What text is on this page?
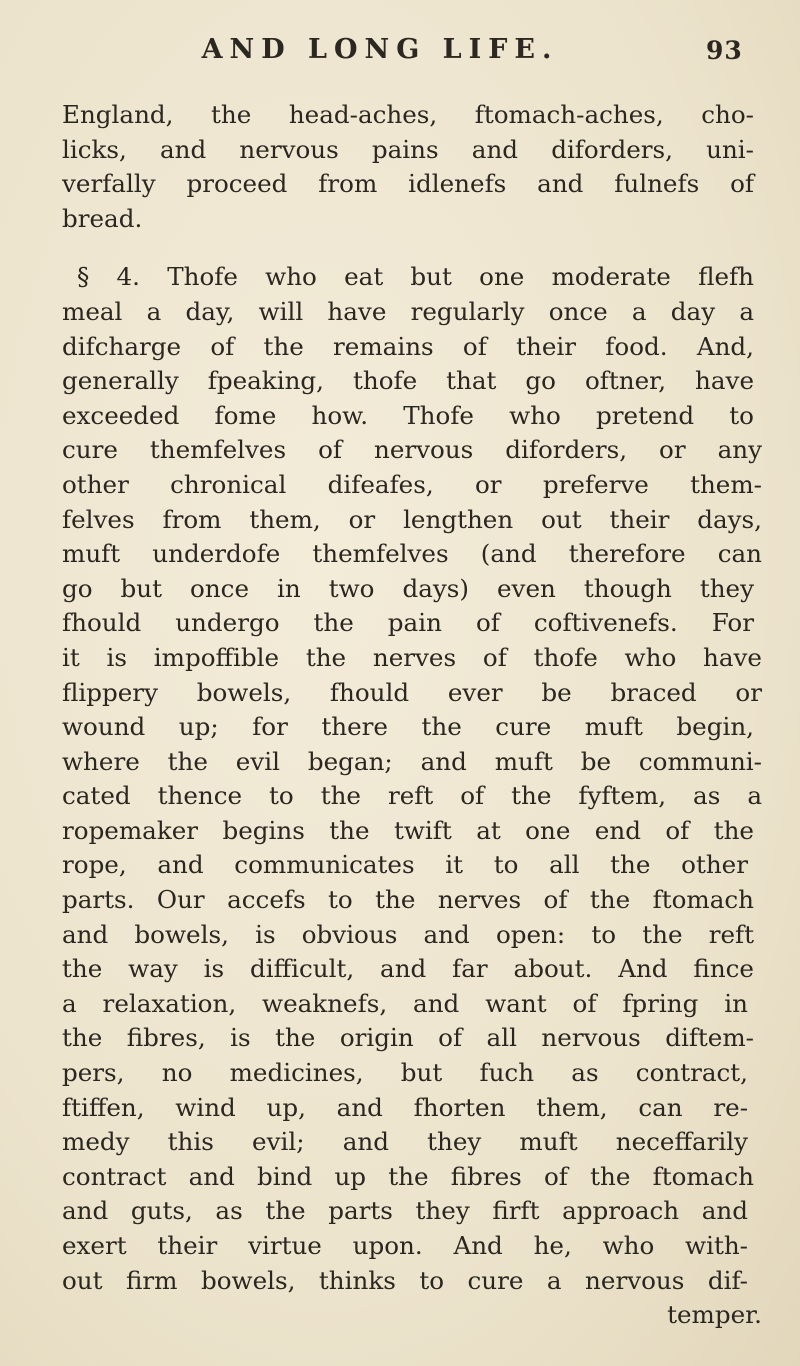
AND LONG LIFE.	93
England, the head-aches, ftomach-aches, cho-
licks, and nervous pains and diforders, uni-
verfally proceed from idlenefs and fulnefs of
bread.
§ 4. Thofe who eat but one moderate flefh
meal a day, will have regularly once a day a
difcharge of the remains of their food. And,
generally fpeaking, thofe that go oftner, have
exceeded fome how. Thofe who pretend to
cure themfelves of nervous diforders, or any
other chronical difeafes, or preferve them-
felves from them, or lengthen out their days,
muft underdofe themfelves (and therefore can
go but once in two days) even though they
fhould undergo the pain of coftivenefs. For
it is impoffible the nerves of thofe who have
flippery bowels, fhould ever be braced or
wound up; for there the cure muft begin,
where the evil began; and muft be communi-
cated thence to the reft of the fyftem, as a
ropemaker begins the twift at one end of the
rope, and communicates it to all the other
parts. Our accefs to the nerves of the ftomach
and bowels, is obvious and open: to the reft
the way is difficult, and far about. And fince
a relaxation, weaknefs, and want of fpring in
the fibres, is the origin of all nervous diftem-
pers, no medicines, but fuch as contract,
ftiffen, wind up, and fhorten them, can re-
medy this evil; and they muft neceffarily
contract and bind up the fibres of the ftomach
and guts, as the parts they firft approach and
exert their virtue upon. And he, who with-
out firm bowels, thinks to cure a nervous dif-
temper.
